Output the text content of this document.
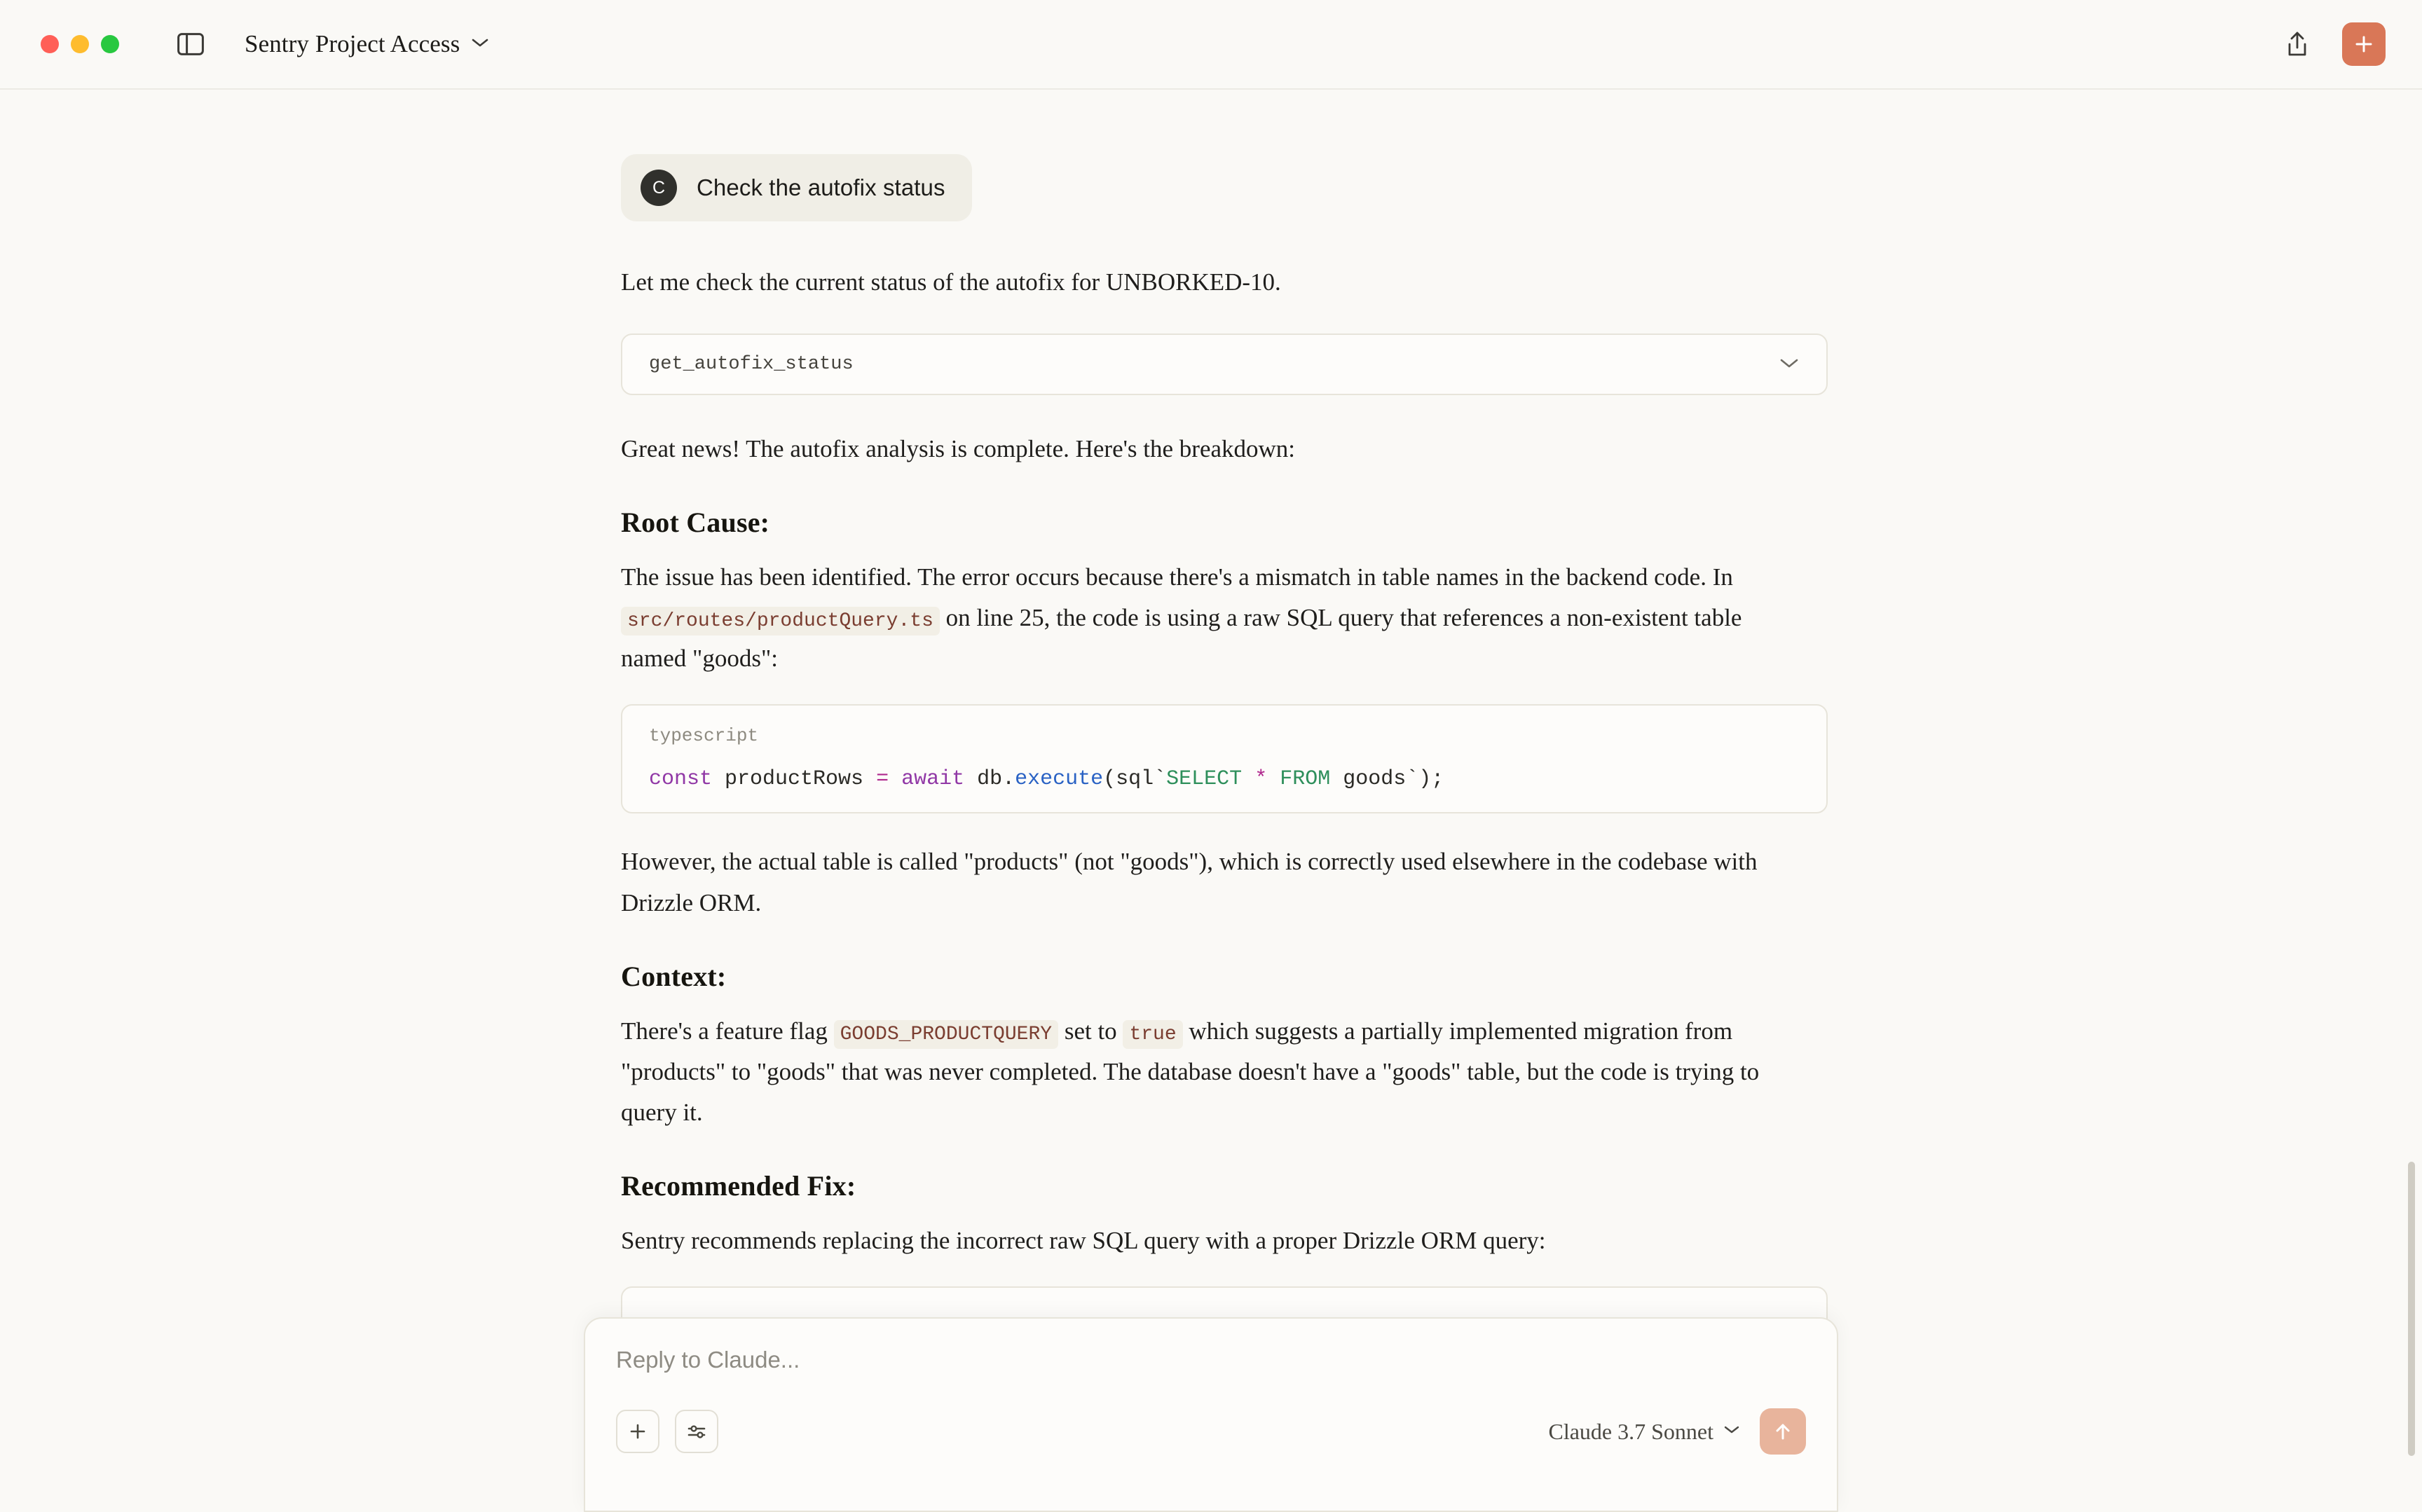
Sentry Project Access
C	Check the autofix status
Let me check the current status of the autofix for UNBORKED-10.
get_autofix_status
Great news! The autofix analysis is complete. Here's the breakdown:
Root Cause:
The issue has been identified. The error occurs because there's a mismatch in table names in the backend code. In src/routes/productQuery.ts on line 25, the code is using a raw SQL query that references a non-existent table named "goods":
typescript
const productRows = await db.execute(sql`SELECT * FROM goods`);
However, the actual table is called "products" (not "goods"), which is correctly used elsewhere in the codebase with Drizzle ORM.
Context:
There's a feature flag GOODS_PRODUCTQUERY set to true which suggests a partially implemented migration from "products" to "goods" that was never completed. The database doesn't have a "goods" table, but the code is trying to query it.
Recommended Fix:
Sentry recommends replacing the incorrect raw SQL query with a proper Drizzle ORM query:
Reply to Claude...
Claude 3.7 Sonnet
